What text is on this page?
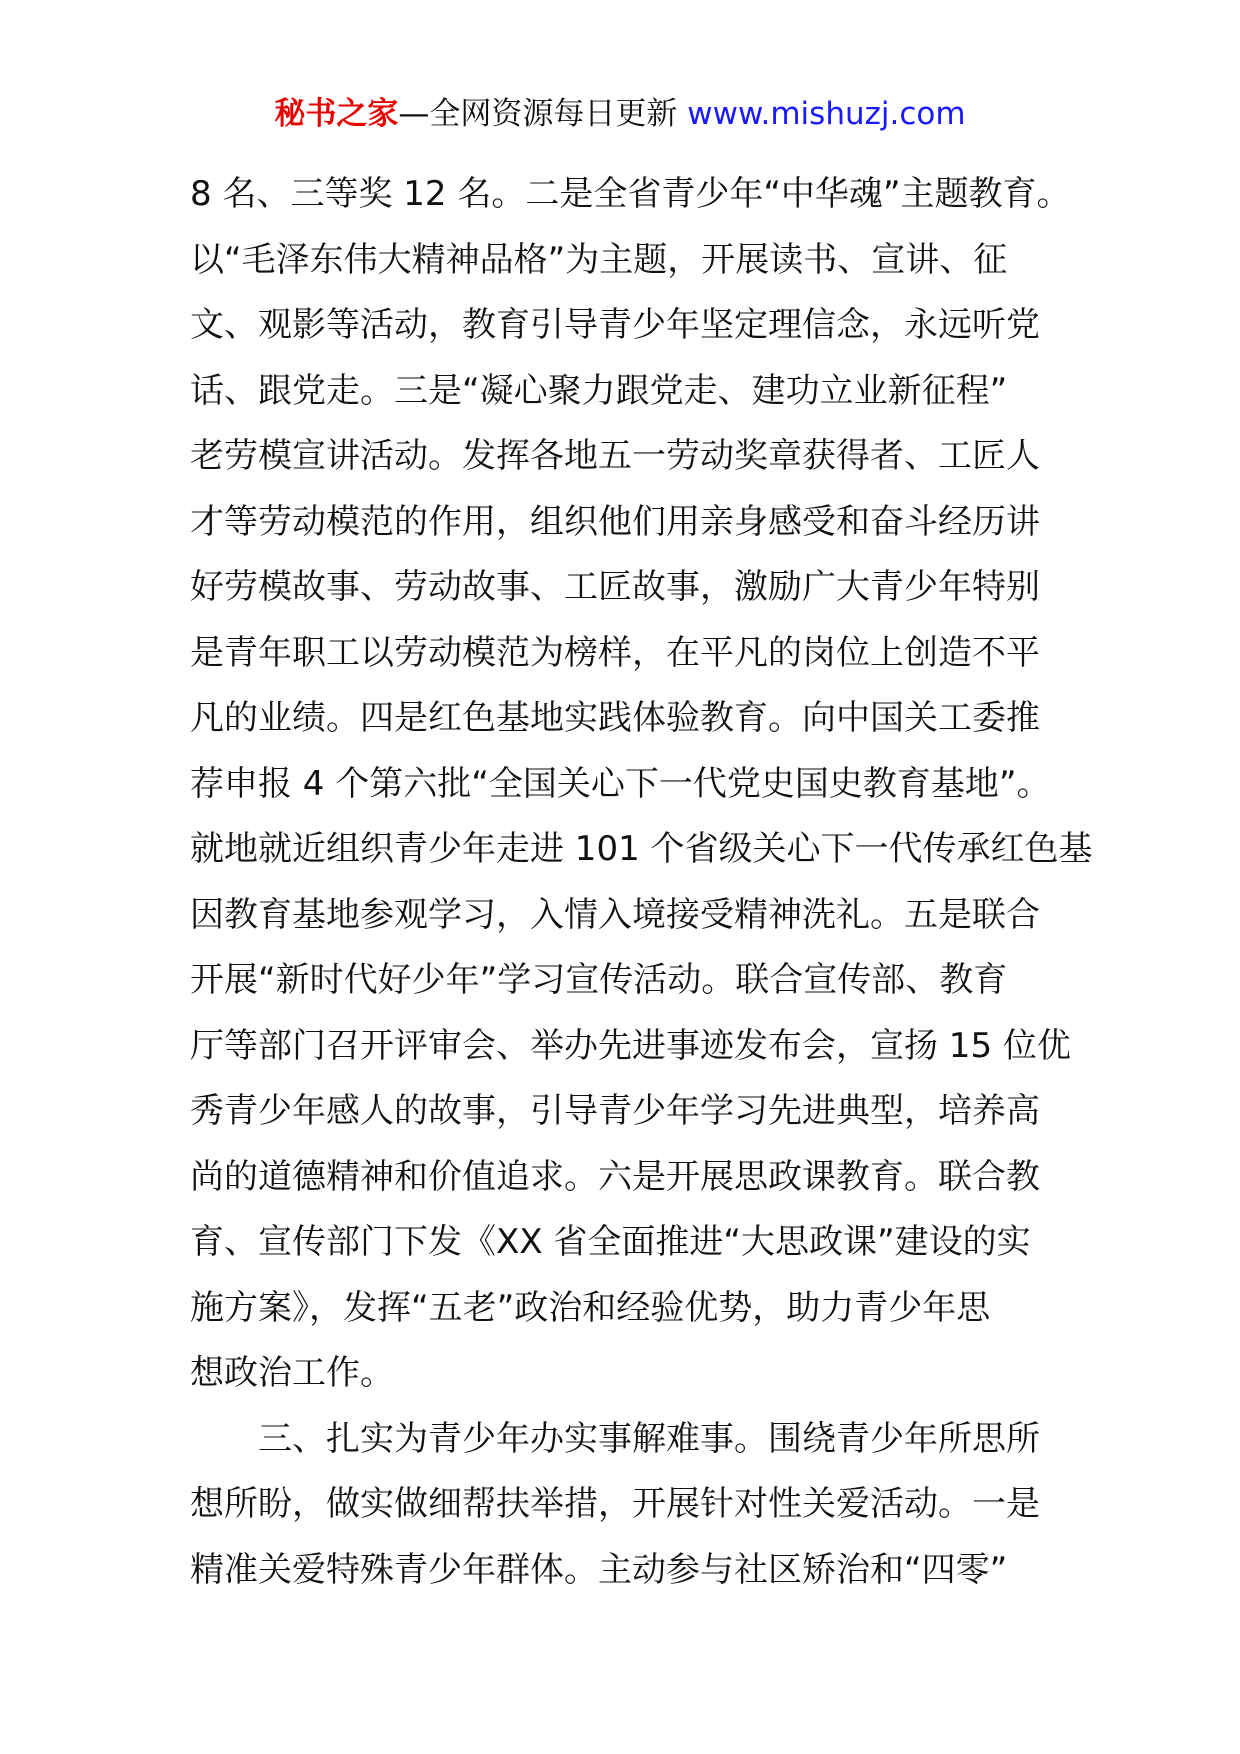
秘书之家—全网资源每日更新 www.mishuzj.com
8 名、三等奖 12 名。二是全省青少年“中华魂”主题教育。
以“毛泽东伟大精神品格”为主题，开展读书、宣讲、征
文、观影等活动，教育引导青少年坚定理信念，永远听党
话、跟党走。三是“凝心聚力跟党走、建功立业新征程”
老劳模宣讲活动。发挥各地五一劳动奖章获得者、工匠人
才等劳动模范的作用，组织他们用亲身感受和奋斗经历讲
好劳模故事、劳动故事、工匠故事，激励广大青少年特别
是青年职工以劳动模范为榜样，在平凡的岗位上创造不平
凡的业绩。四是红色基地实践体验教育。向中国关工委推
荐申报 4 个第六批“全国关心下一代党史国史教育基地”。
就地就近组织青少年走进 101 个省级关心下一代传承红色基
因教育基地参观学习，入情入境接受精神洗礼。五是联合
开展“新时代好少年”学习宣传活动。联合宣传部、教育
厅等部门召开评审会、举办先进事迹发布会，宣扬 15 位优
秀青少年感人的故事，引导青少年学习先进典型，培养高
尚的道德精神和价值追求。六是开展思政课教育。联合教
育、宣传部门下发《XX 省全面推进“大思政课”建设的实
施方案》，发挥“五老”政治和经验优势，助力青少年思
想政治工作。
三、扎实为青少年办实事解难事。围绕青少年所思所
想所盼，做实做细帮扶举措，开展针对性关爱活动。一是
精准关爱特殊青少年群体。主动参与社区矫治和“四零”
